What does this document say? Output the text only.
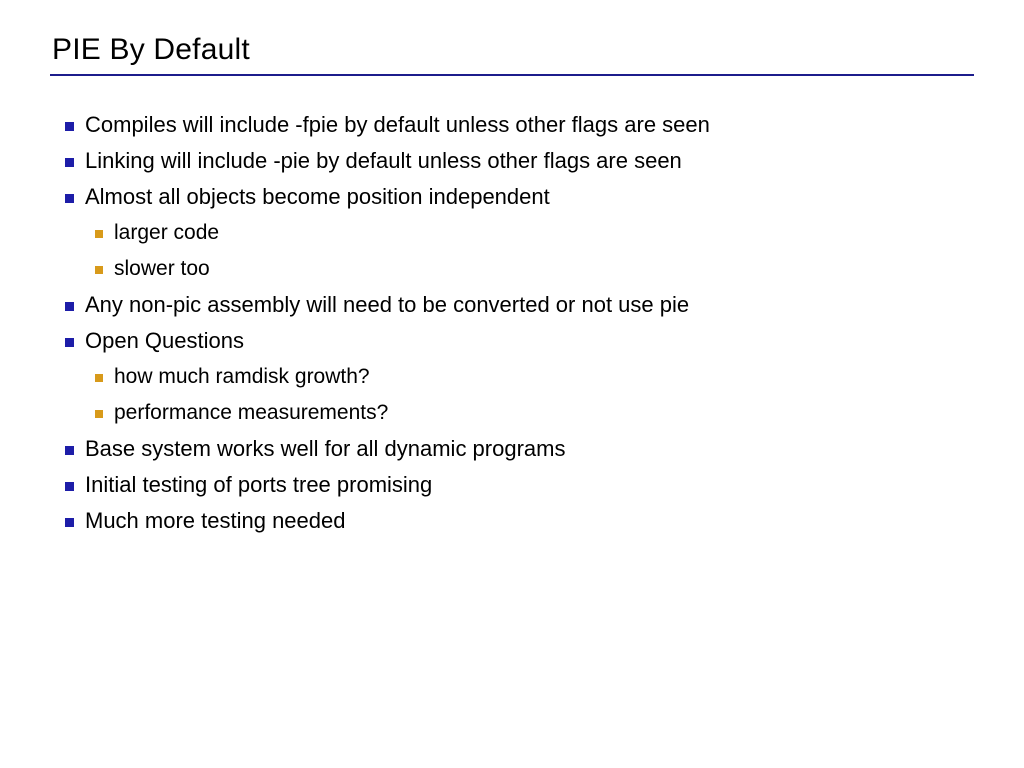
PIE By Default
Compiles will include -fpie by default unless other flags are seen
Linking will include -pie by default unless other flags are seen
Almost all objects become position independent
larger code
slower too
Any non-pic assembly will need to be converted or not use pie
Open Questions
how much ramdisk growth?
performance measurements?
Base system works well for all dynamic programs
Initial testing of ports tree promising
Much more testing needed
